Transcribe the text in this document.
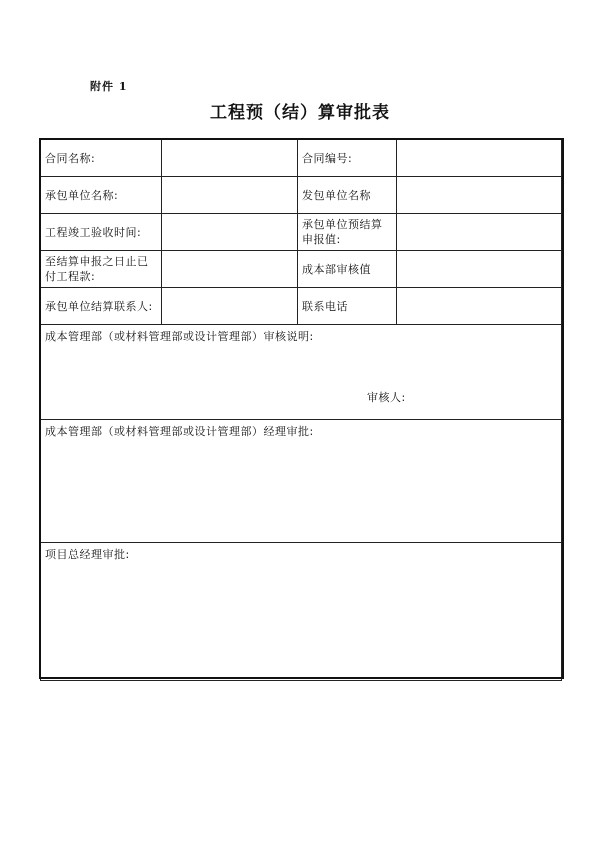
附件 1
工程预（结）算审批表
合同名称:		合同编号:	
承包单位名称:		发包单位名称	
工程竣工验收时间:		承包单位预结算申报值:	
至结算申报之日止已付工程款:		成本部审核值	
承包单位结算联系人:		联系电话	
成本管理部（或材料管理部或设计管理部）审核说明:
审核人:			

成本管理部（或材料管理部或设计管理部）经理审批:			
项目总经理审批:			
